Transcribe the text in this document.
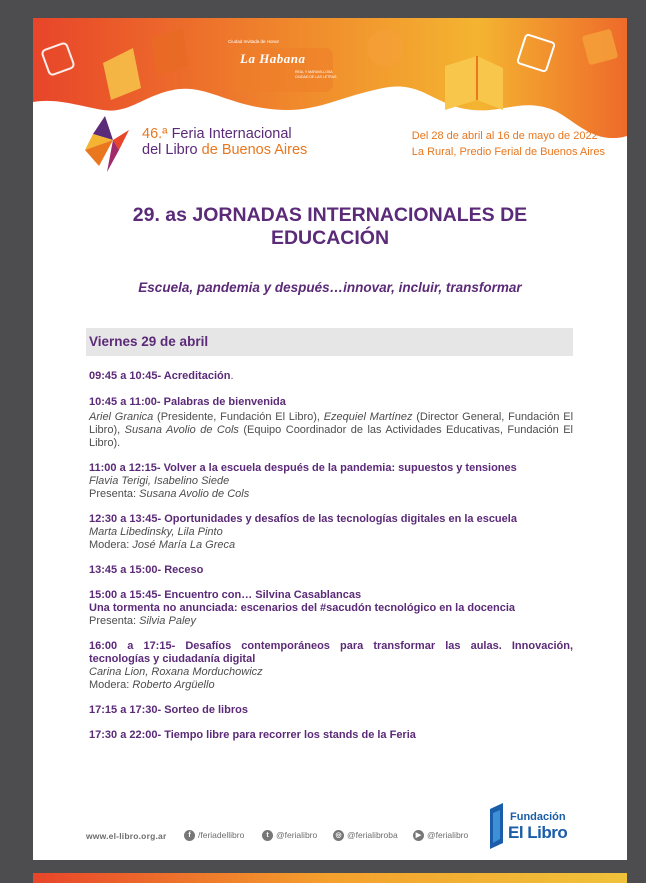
Ciudad Invitada de Honor
La Habana
REAL Y MARAVILLOSA CIUDAD DE LAS LETRAS
46.ª Feria Internacional
del Libro de Buenos Aires
Del 28 de abril al 16 de mayo de 2022
La Rural, Predio Ferial de Buenos Aires
29. as JORNADAS INTERNACIONALES DE
EDUCACIÓN
Escuela, pandemia y después…innovar, incluir, transformar
Viernes 29 de abril
09:45 a 10:45- Acreditación.
10:45 a 11:00- Palabras de bienvenida
Ariel Granica (Presidente, Fundación El Libro), Ezequiel Martínez (Director General, Fundación El Libro), Susana Avolio de Cols (Equipo Coordinador de las Actividades Educativas, Fundación El Libro).
11:00 a 12:15- Volver a la escuela después de la pandemia: supuestos y tensiones
Flavia Terigi, Isabelino Siede
Presenta: Susana Avolio de Cols
12:30 a 13:45- Oportunidades y desafíos de las tecnologías digitales en la escuela
Marta Libedinsky, Lila Pinto
Modera: José María La Greca
13:45 a 15:00- Receso
15:00 a 15:45- Encuentro con… Silvina Casablancas
Una tormenta no anunciada: escenarios del #sacudón tecnológico en la docencia
Presenta: Silvia Paley
16:00 a 17:15- Desafíos contemporáneos para transformar las aulas. Innovación, tecnologías y ciudadanía digital
Carina Lion, Roxana Morduchowicz
Modera: Roberto Argüello
17:15 a 17:30- Sorteo de libros
17:30 a 22:00- Tiempo libre para recorrer los stands de la Feria
www.el-libro.org.ar	f /feriadellibro	t @ferialibro	◎ @ferialibroba	▶ @ferialibro
Fundación
El Libro
